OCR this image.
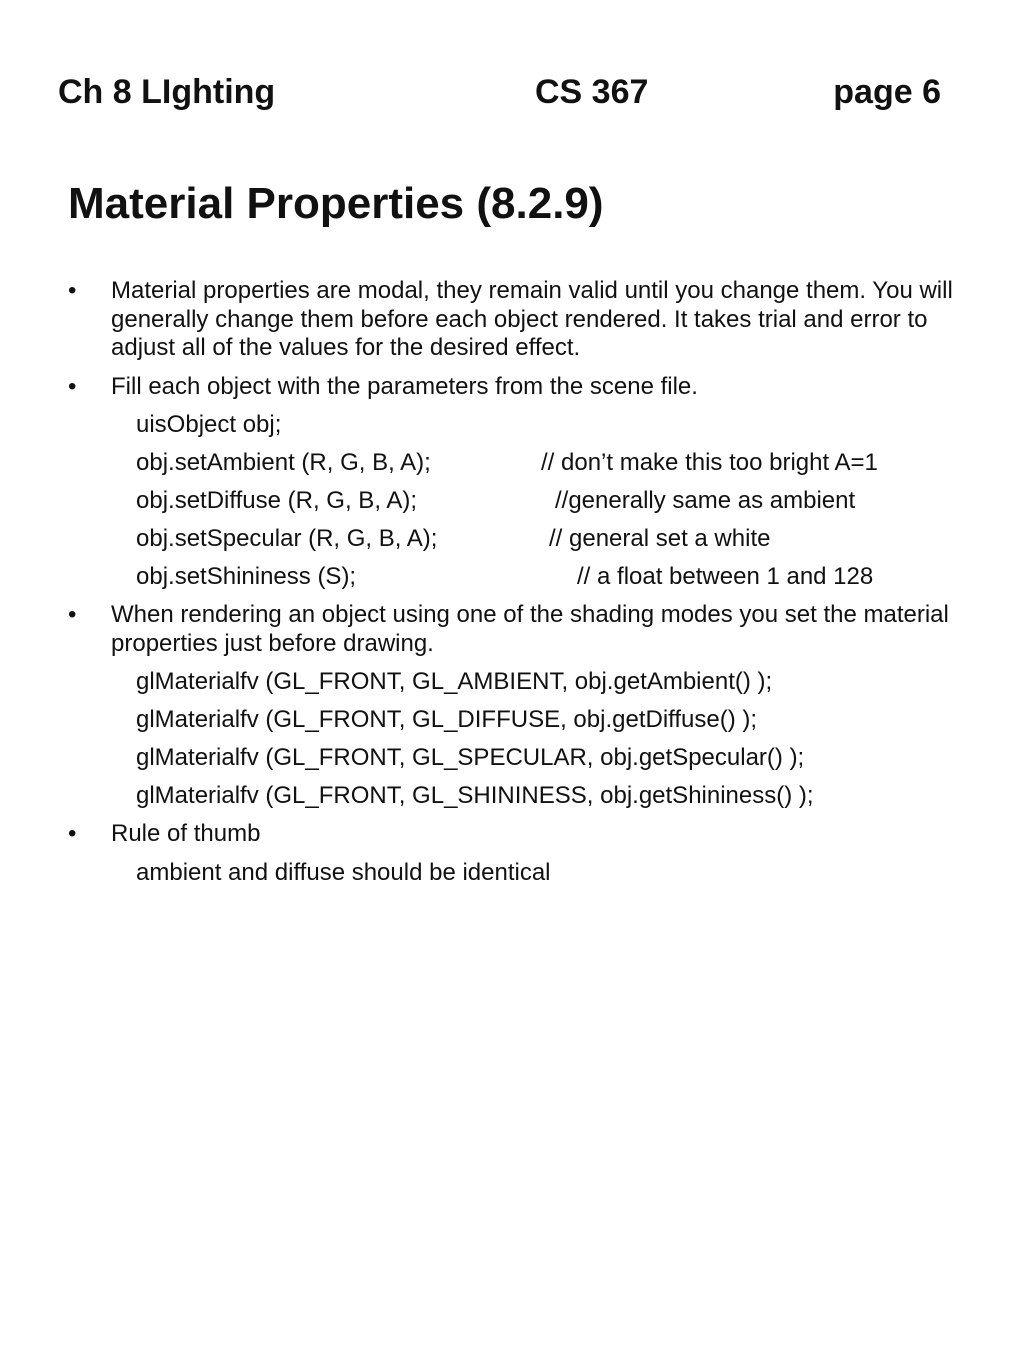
Ch 8 LIghting	CS 367	page 6
Material Properties (8.2.9)
• Material properties are modal, they remain valid until you change them. You will generally change them before each object rendered. It takes trial and error to adjust all of the values for the desired effect.
• Fill each object with the parameters from the scene file.
uisObject obj;
obj.setAmbient (R, G, B, A);	// don’t make this too bright A=1
obj.setDiffuse (R, G, B, A);	//generally same as ambient
obj.setSpecular (R, G, B, A);	// general set a white
obj.setShininess (S);	// a float between 1 and 128
• When rendering an object using one of the shading modes you set the material properties just before drawing.
glMaterialfv (GL_FRONT, GL_AMBIENT, obj.getAmbient() );
glMaterialfv (GL_FRONT, GL_DIFFUSE, obj.getDiffuse() );
glMaterialfv (GL_FRONT, GL_SPECULAR, obj.getSpecular() );
glMaterialfv (GL_FRONT, GL_SHININESS, obj.getShininess() );
• Rule of thumb
ambient and diffuse should be identical
